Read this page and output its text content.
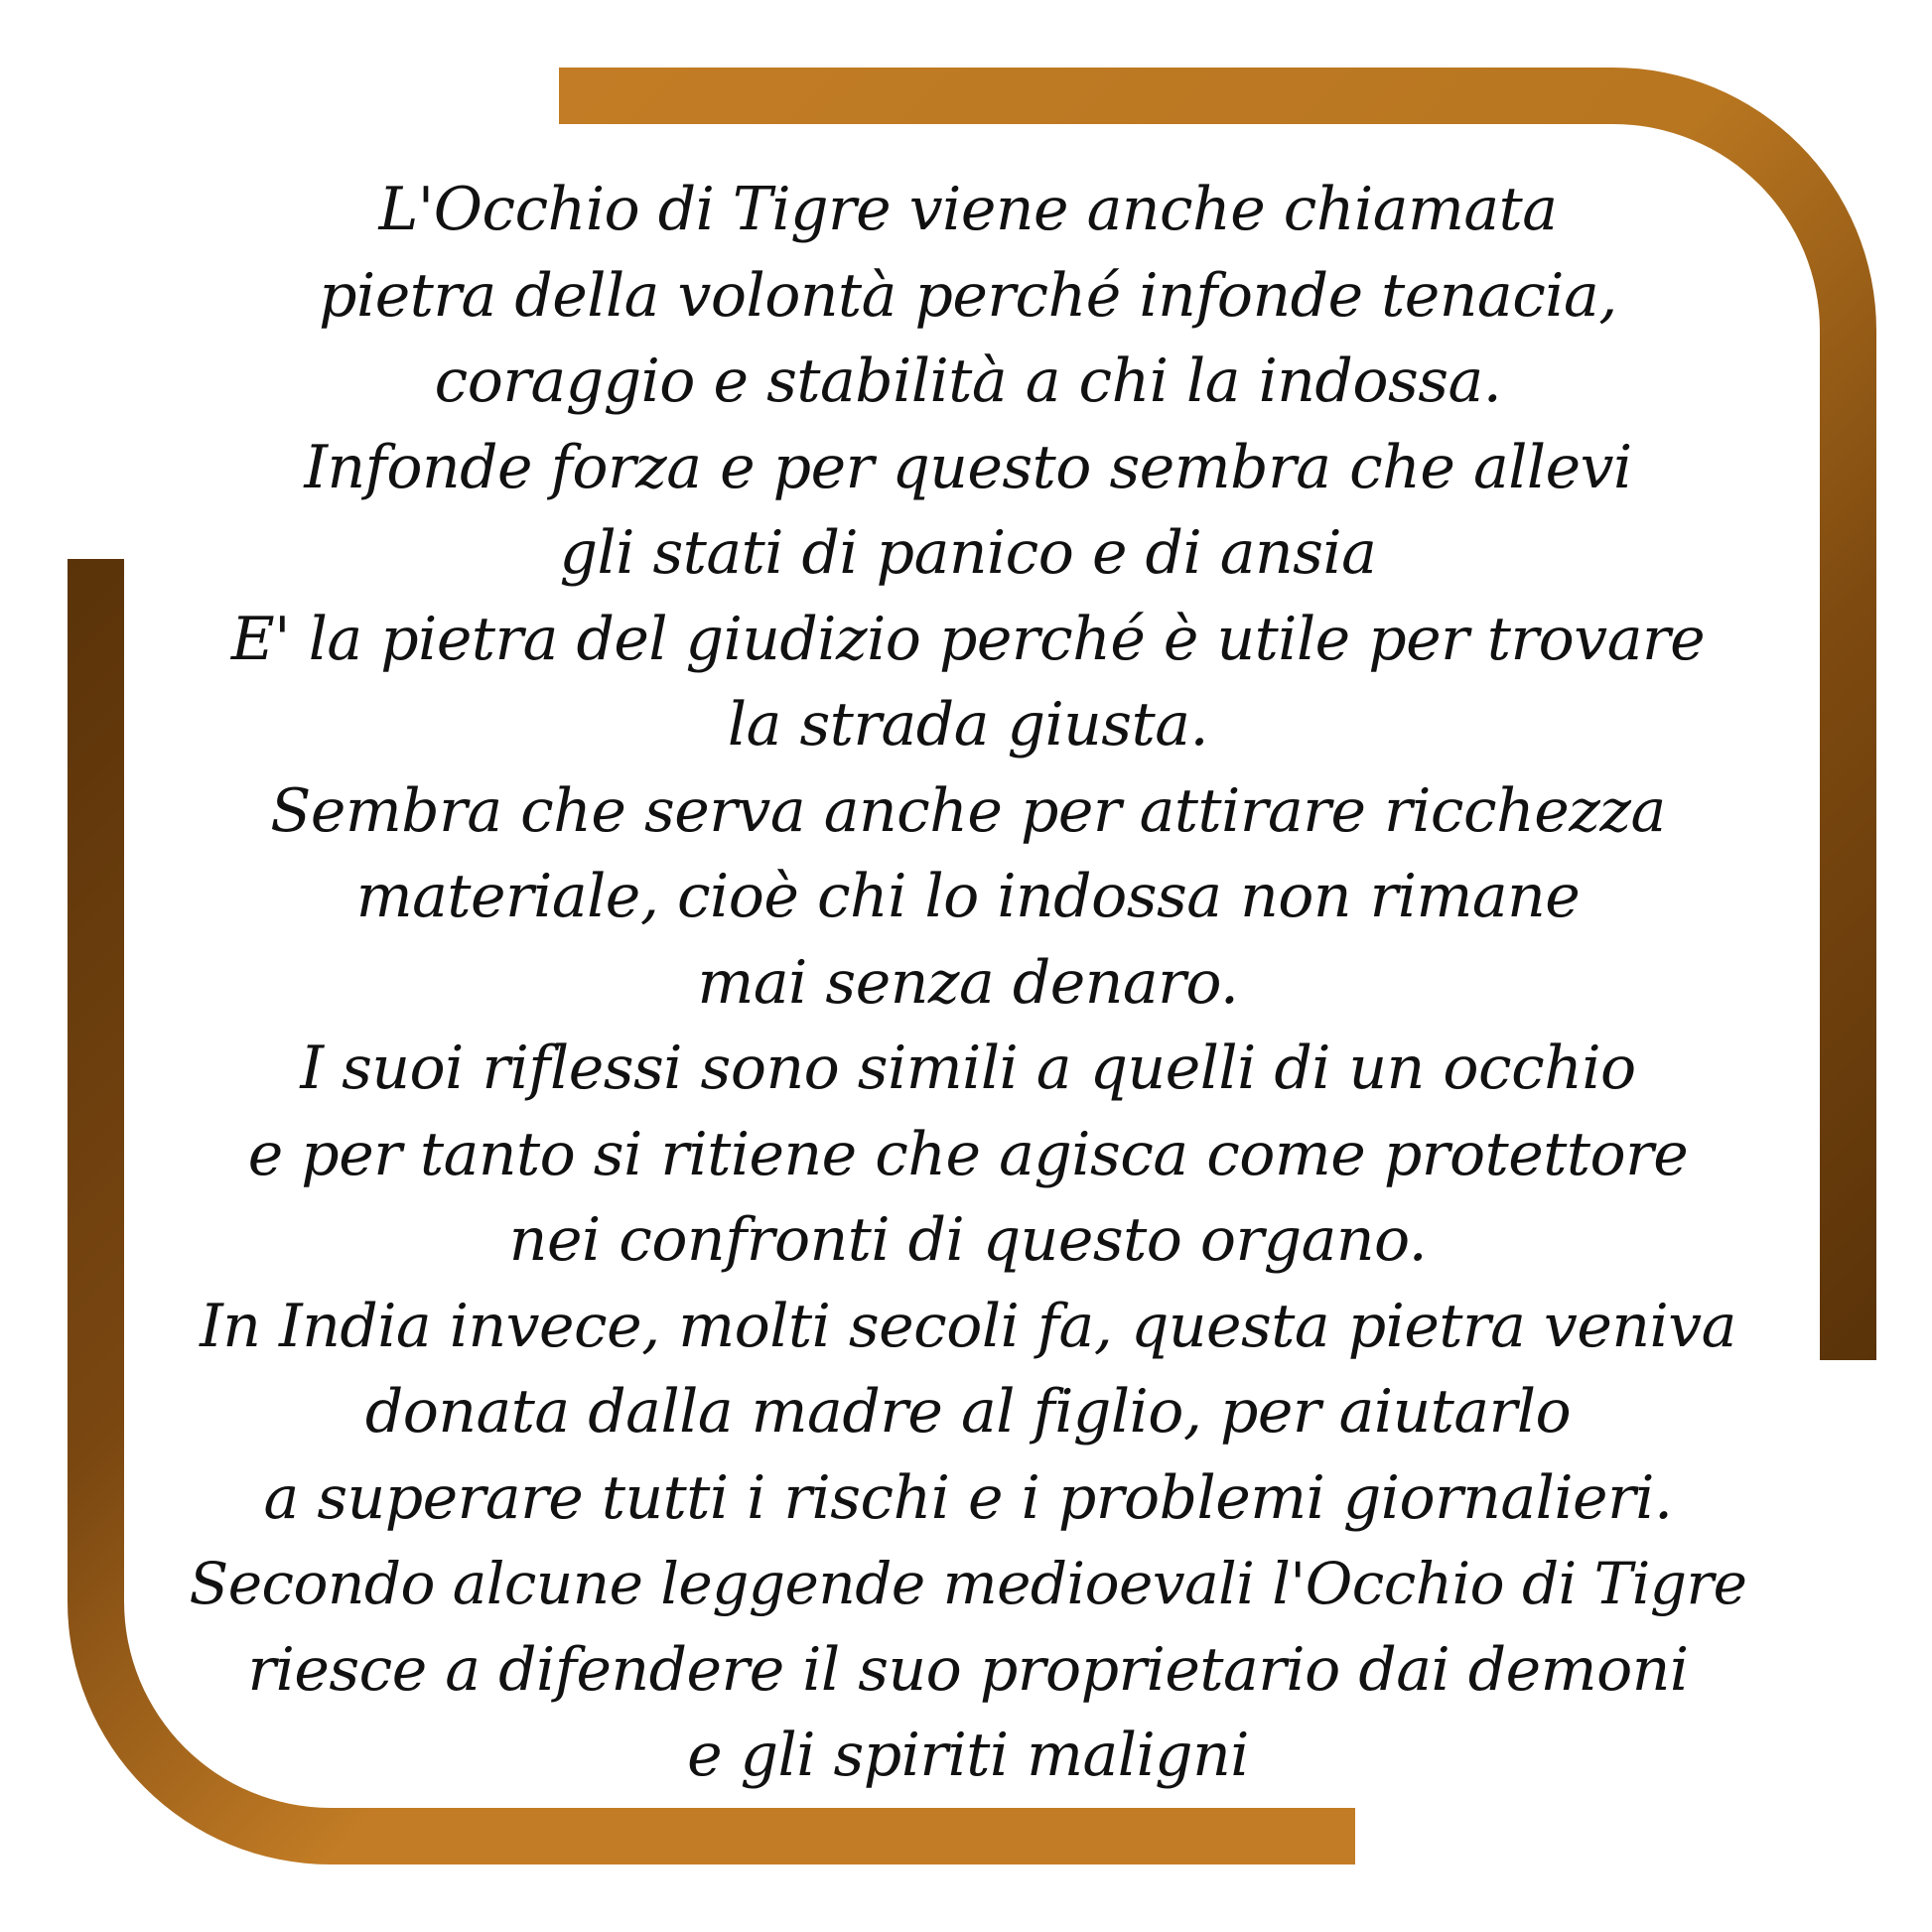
L'Occhio di Tigre viene anche chiamata
pietra della volontà perché infonde tenacia,
coraggio e stabilità a chi la indossa.
Infonde forza e per questo sembra che allevi
gli stati di panico e di ansia
E' la pietra del giudizio perché è utile per trovare
la strada giusta.
Sembra che serva anche per attirare ricchezza
materiale, cioè chi lo indossa non rimane
mai senza denaro.
I suoi riflessi sono simili a quelli di un occhio
e per tanto si ritiene che agisca come protettore
nei confronti di questo organo.
In India invece, molti secoli fa, questa pietra veniva
donata dalla madre al figlio, per aiutarlo
a superare tutti i rischi e i problemi giornalieri.
Secondo alcune leggende medioevali l'Occhio di Tigre
riesce a difendere il suo proprietario dai demoni
e gli spiriti maligni
